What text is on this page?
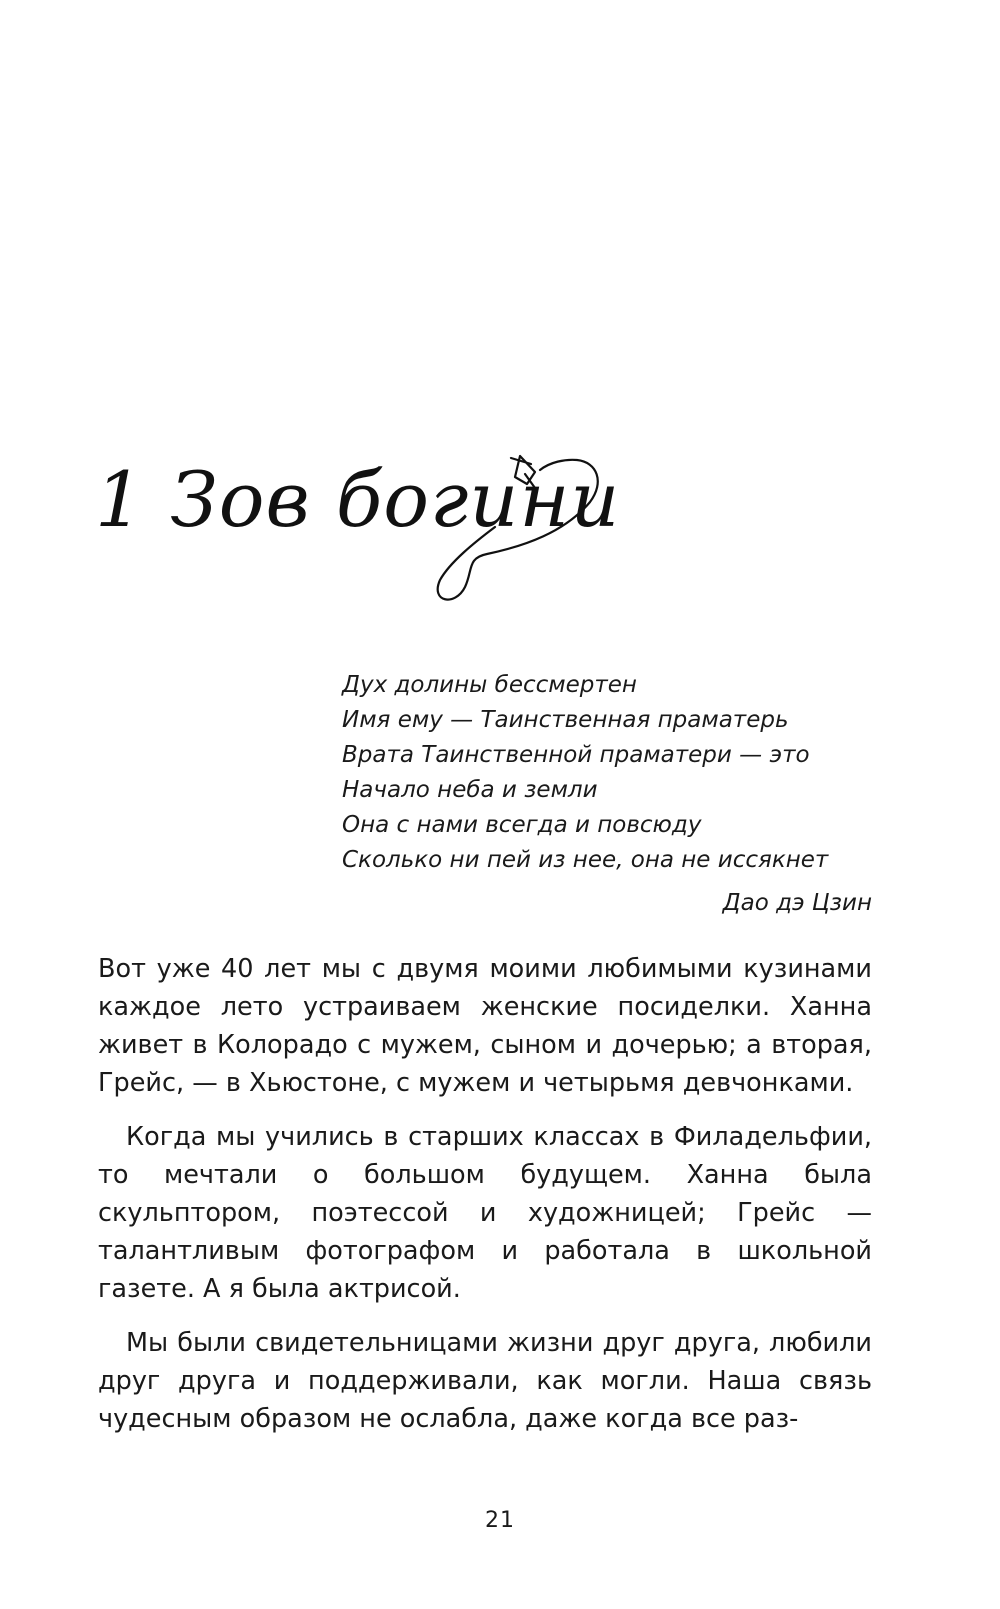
1 Зов богини
Дух долины бессмертен
Имя ему — Таинственная праматерь
Врата Таинственной праматери — это
Начало неба и земли
Она с нами всегда и повсюду
Сколько ни пей из нее, она не иссякнет
Дао дэ Цзин

Вот уже 40 лет мы с двумя моими любимыми кузинами каждое лето устраиваем женские посиделки. Ханна живет в Колорадо с мужем, сыном и дочерью; а вторая, Грейс, — в Хьюстоне, с мужем и четырьмя девчонками.

Когда мы учились в старших классах в Филадельфии, то мечтали о большом будущем. Ханна была скульптором, поэтессой и художницей; Грейс — талантливым фотографом и работала в школьной газете. А я была актрисой.

Мы были свидетельницами жизни друг друга, любили друг друга и поддерживали, как могли. Наша связь чудесным образом не ослабла, даже когда все раз-

21
